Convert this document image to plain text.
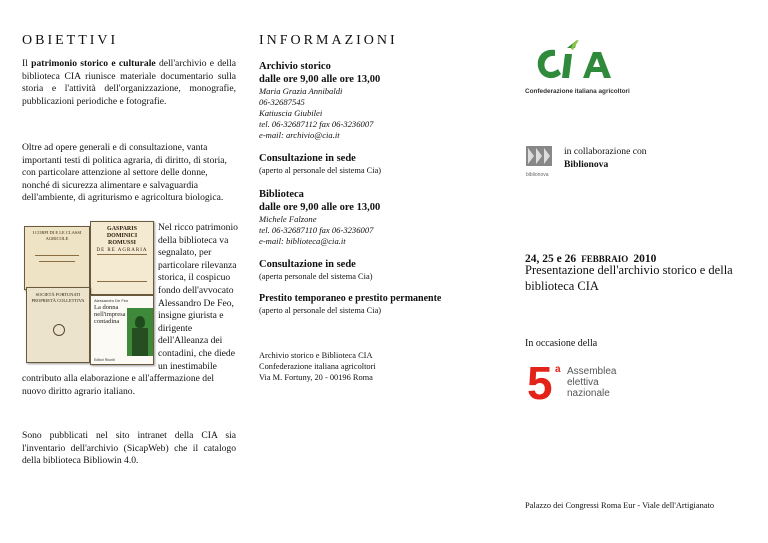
OBIETTIVI
Il patrimonio storico e culturale dell'archivio e della biblioteca CIA riunisce materiale documentario sulla storia e l'attività dell'organizzazione, monografie, pubblicazioni periodiche e fotografie.
Oltre ad opere generali e di consultazione, vanta importanti testi di politica agraria, di diritto, di storia, con particolare attenzione al settore delle donne, nonché di sicurezza alimentare e salvaguardia dell'ambiente, di agriturismo e agricoltura biologica.
I CORPI DI E LE CLASSI AGRICOLE
GASPARIS DOMINICI ROMUSSI
DE RE AGRARIA
SOCIETÀ FORTUNATI PROPRIETÀ COLLETTIVA	Alessandro De Feo
La donna nell'impresa contadina
Editori Riuniti
Nel ricco patrimonio
della biblioteca va
segnalato, per
particolare rilevanza
storica, il cospicuo
fondo dell'avvocato
Alessandro De Feo,
insigne giurista e
dirigente
dell'Alleanza dei
contadini, che diede
un inestimabile
contributo alla elaborazione e all'affermazione del nuovo diritto agrario italiano.
Sono pubblicati nel sito intranet della CIA sia l'inventario dell'archivio (SicapWeb) che il catalogo della biblioteca Bibliowin 4.0.
INFORMAZIONI
Archivio storico
dalle ore 9,00 alle ore 13,00
Maria Grazia Annibaldi
06-32687545
Katiuscia Giubilei
tel. 06-32687112 fax 06-3236007
e-mail: archivio@cia.it
Consultazione in sede
(aperto al personale del sistema Cia)
Biblioteca
dalle ore 9,00 alle ore 13,00
Michele Falzone
tel. 06-32687110 fax 06-3236007
e-mail: biblioteca@cia.it
Consultazione in sede
(aperta personale del sistema Cia)
Prestito temporaneo e prestito permanente
(aperto al personale del sistema Cia)
Archivio storico e Biblioteca CIA
Confederazione italiana agricoltori
Via M. Fortuny, 20 - 00196 Roma
Confederazione italiana agricoltori
biblionova
in collaborazione con
Biblionova
24, 25 e 26 FEBBRAIO 2010
Presentazione dell'archivio storico e della biblioteca CIA
In occasione della
5 a Assemblea
elettiva
nazionale
Palazzo dei Congressi Roma Eur - Viale dell'Artigianato
